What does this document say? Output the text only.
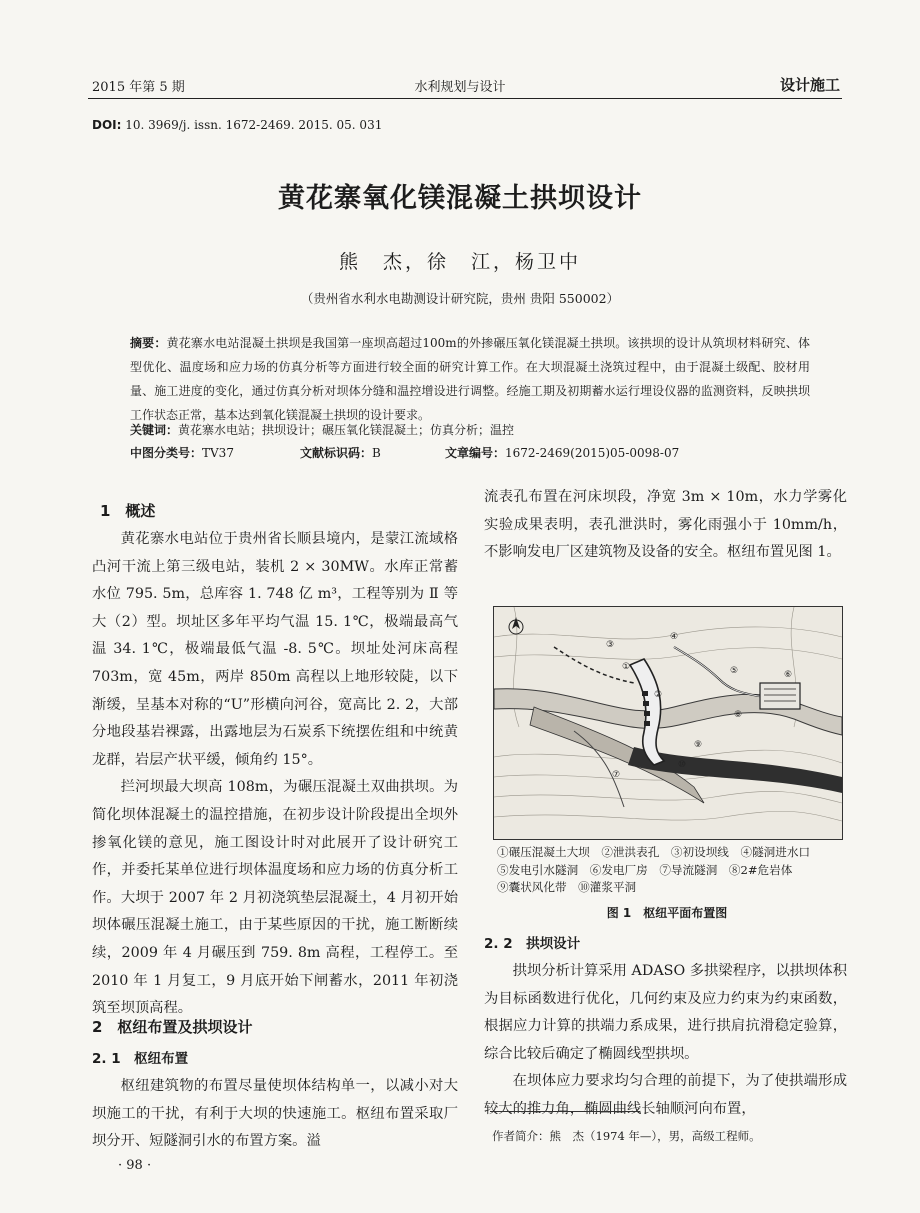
2015 年第 5 期	水利规划与设计	设计施工
DOI: 10. 3969/j. issn. 1672-2469. 2015. 05. 031
黄花寨氧化镁混凝土拱坝设计
熊　杰，徐　江，杨卫中
（贵州省水利水电勘测设计研究院，贵州 贵阳 550002）
摘要：黄花寨水电站混凝土拱坝是我国第一座坝高超过100m的外掺碾压氧化镁混凝土拱坝。该拱坝的设计从筑坝材料研究、体型优化、温度场和应力场的仿真分析等方面进行较全面的研究计算工作。在大坝混凝土浇筑过程中，由于混凝土级配、胶材用量、施工进度的变化，通过仿真分析对坝体分缝和温控增设进行调整。经施工期及初期蓄水运行埋设仪器的监测资料，反映拱坝工作状态正常，基本达到氧化镁混凝土拱坝的设计要求。
关键词：黄花寨水电站；拱坝设计；碾压氧化镁混凝土；仿真分析；温控
中图分类号：TV37	文献标识码：B	文章编号：1672-2469(2015)05-0098-07
1　概述

黄花寨水电站位于贵州省长顺县境内，是蒙江流域格凸河干流上第三级电站，装机 2 × 30MW。水库正常蓄水位 795. 5m，总库容 1. 748 亿 m³，工程等别为 Ⅱ 等大（2）型。坝址区多年平均气温 15. 1℃，极端最高气温 34. 1℃，极端最低气温 -8. 5℃。坝址处河床高程 703m，宽 45m，两岸 850m 高程以上地形较陡，以下渐缓，呈基本对称的“U”形横向河谷，宽高比 2. 2，大部分地段基岩裸露，出露地层为石炭系下统摆佐组和中统黄龙群，岩层产状平缓，倾角约 15°。

拦河坝最大坝高 108m，为碾压混凝土双曲拱坝。为简化坝体混凝土的温控措施，在初步设计阶段提出全坝外掺氧化镁的意见，施工图设计时对此展开了设计研究工作，并委托某单位进行坝体温度场和应力场的仿真分析工作。大坝于 2007 年 2 月初浇筑垫层混凝土，4 月初开始坝体碾压混凝土施工，由于某些原因的干扰，施工断断续续，2009 年 4 月碾压到 759. 8m 高程，工程停工。至 2010 年 1 月复工，9 月底开始下闸蓄水，2011 年初浇筑至坝顶高程。

2　枢纽布置及拱坝设计
2. 1　枢纽布置

枢纽建筑物的布置尽量使坝体结构单一，以减小对大坝施工的干扰，有利于大坝的快速施工。枢纽布置采取厂坝分开、短隧洞引水的布置方案。溢

流表孔布置在河床坝段，净宽 3m × 10m，水力学雾化实验成果表明，表孔泄洪时，雾化雨强小于 10mm/h，不影响发电厂区建筑物及设备的安全。枢纽布置见图 1。

①
②
③
④
⑤	⑥
⑦
⑧
⑨
⑩
①碾压混凝土大坝　②泄洪表孔　③初设坝线　④隧洞进水口
⑤发电引水隧洞　⑥发电厂房　⑦导流隧洞　⑧2#危岩体
⑨囊状风化带　⑩灌浆平洞
图 1　枢纽平面布置图
2. 2　拱坝设计

拱坝分析计算采用 ADASO 多拱梁程序，以拱坝体积为目标函数进行优化，几何约束及应力约束为约束函数，根据应力计算的拱端力系成果，进行拱肩抗滑稳定验算，综合比较后确定了椭圆线型拱坝。

在坝体应力要求均匀合理的前提下，为了使拱端形成较大的推力角，椭圆曲线长轴顺河向布置，

作者简介：熊　杰（1974 年—），男，高级工程师。
· 98 ·
